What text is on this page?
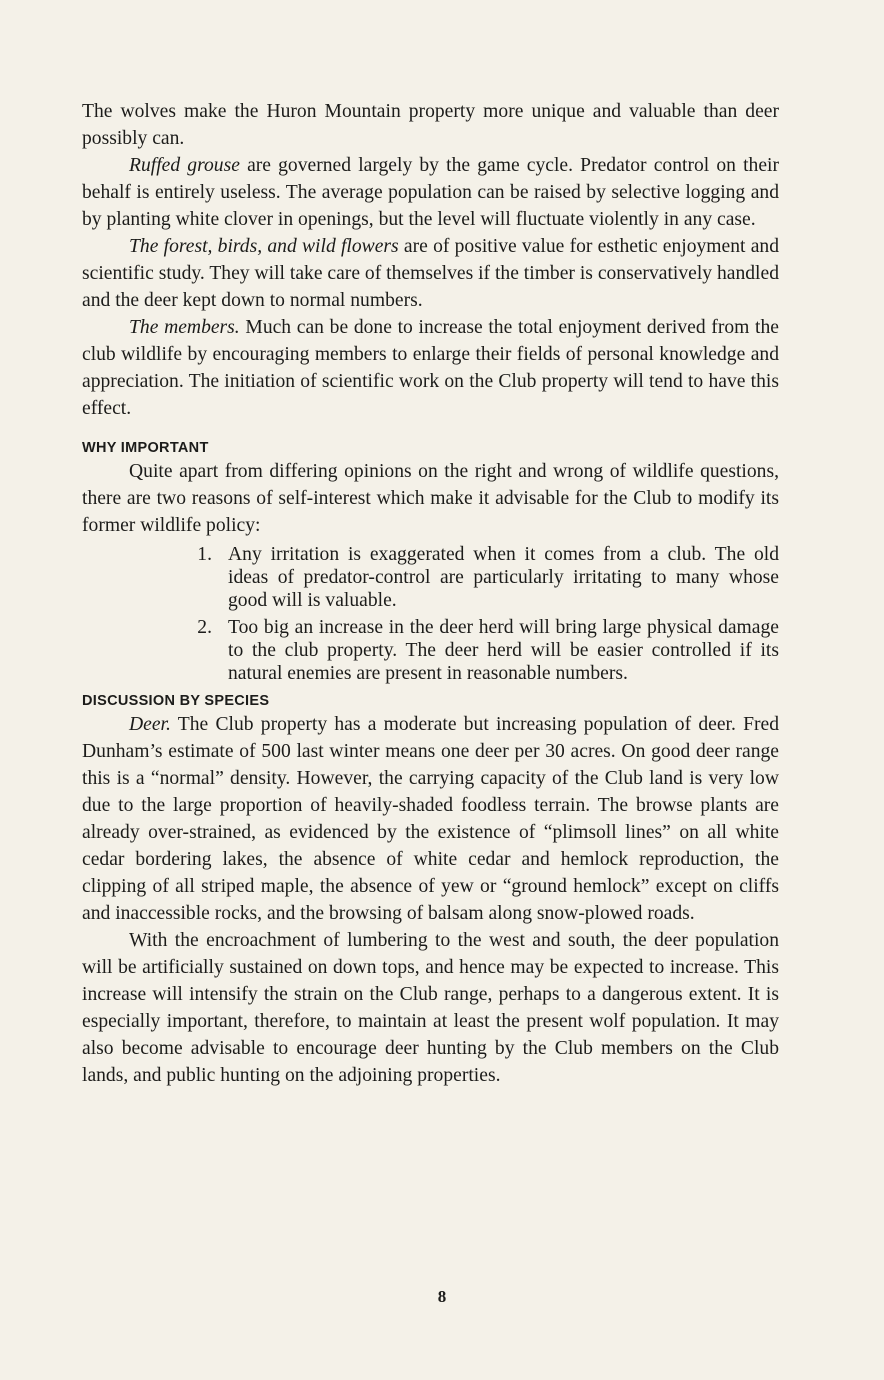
The wolves make the Huron Mountain property more unique and valuable than deer possibly can.

Ruffed grouse are governed largely by the game cycle. Predator control on their behalf is entirely useless. The average population can be raised by selective logging and by planting white clover in openings, but the level will fluctuate violently in any case.

The forest, birds, and wild flowers are of positive value for esthetic enjoyment and scientific study. They will take care of themselves if the timber is conservatively handled and the deer kept down to normal numbers.

The members. Much can be done to increase the total enjoyment derived from the club wildlife by encouraging members to enlarge their fields of personal knowledge and appreciation. The initiation of scientific work on the Club property will tend to have this effect.

WHY IMPORTANT

Quite apart from differing opinions on the right and wrong of wildlife questions, there are two reasons of self-interest which make it advisable for the Club to modify its former wildlife policy:

1. Any irritation is exaggerated when it comes from a club. The old ideas of predator-control are particularly irritating to many whose good will is valuable.
2. Too big an increase in the deer herd will bring large physical damage to the club property. The deer herd will be easier controlled if its natural enemies are present in reasonable numbers.
DISCUSSION BY SPECIES

Deer. The Club property has a moderate but increasing population of deer. Fred Dunham’s estimate of 500 last winter means one deer per 30 acres. On good deer range this is a “normal” density. However, the carrying capacity of the Club land is very low due to the large proportion of heavily-shaded foodless terrain. The browse plants are already over-strained, as evidenced by the existence of “plimsoll lines” on all white cedar bordering lakes, the absence of white cedar and hemlock reproduction, the clipping of all striped maple, the absence of yew or “ground hemlock” except on cliffs and inaccessible rocks, and the browsing of balsam along snow-plowed roads.

With the encroachment of lumbering to the west and south, the deer population will be artificially sustained on down tops, and hence may be expected to increase. This increase will intensify the strain on the Club range, perhaps to a dangerous extent. It is especially important, therefore, to maintain at least the present wolf population. It may also become advisable to encourage deer hunting by the Club members on the Club lands, and public hunting on the adjoining properties.

8
